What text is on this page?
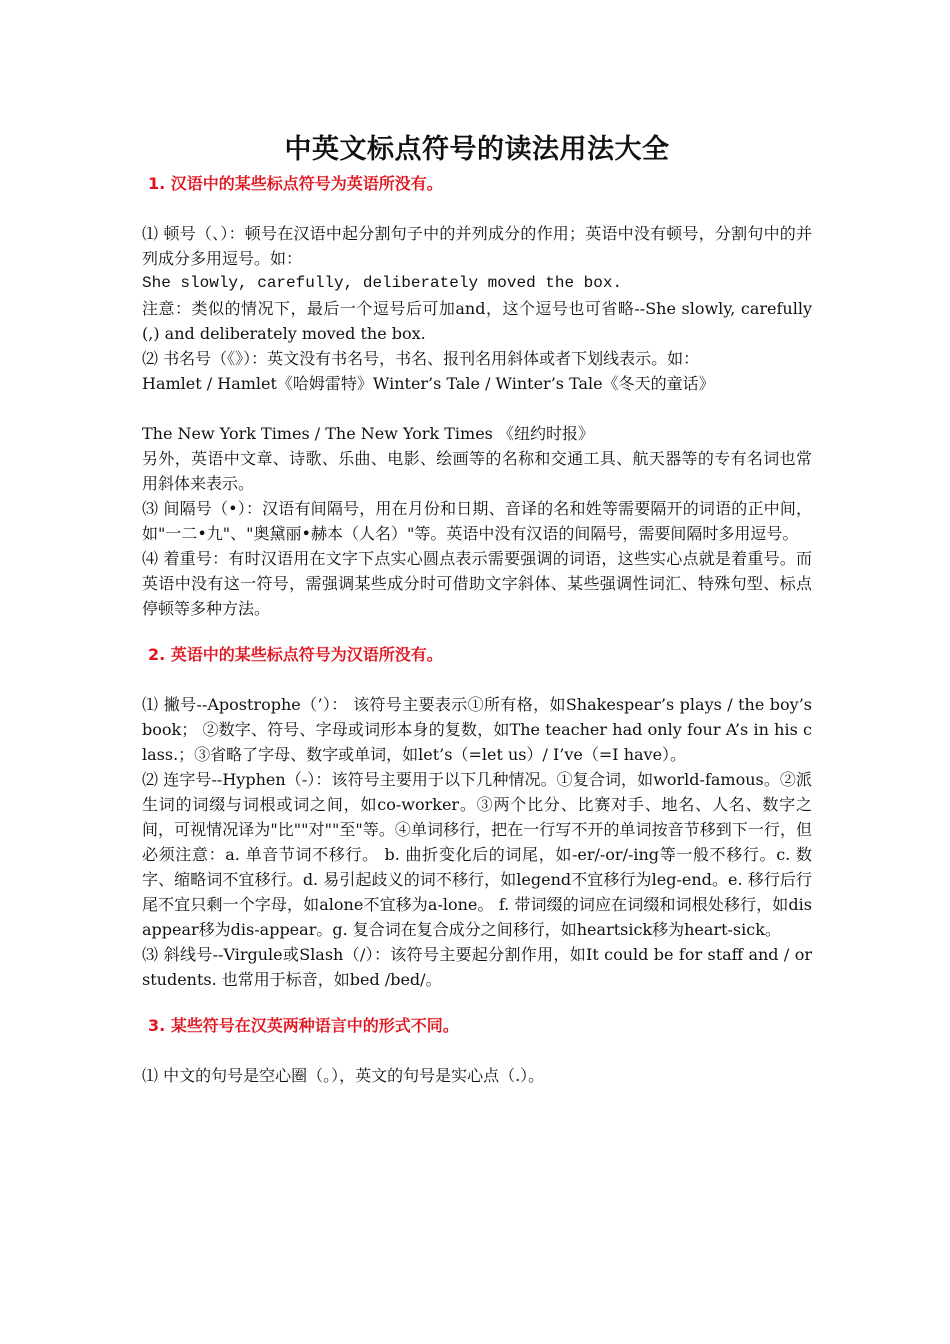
中英文标点符号的读法用法大全

1. 汉语中的某些标点符号为英语所没有。

⑴ 顿号（、）：顿号在汉语中起分割句子中的并列成分的作用；英语中没有顿号，分割句中的并列成分多用逗号。如：

She slowly, carefully, deliberately moved the box.

注意：类似的情况下，最后一个逗号后可加and，这个逗号也可省略--She slowly, carefully(,) and deliberately moved the box.

⑵ 书名号（《》）：英文没有书名号，书名、报刊名用斜体或者下划线表示。如：

Hamlet / Hamlet《哈姆雷特》Winter’s Tale / Winter’s Tale《冬天的童话》

The New York Times / The New York Times 《纽约时报》

另外，英语中文章、诗歌、乐曲、电影、绘画等的名称和交通工具、航天器等的专有名词也常用斜体来表示。

⑶ 间隔号（•）：汉语有间隔号，用在月份和日期、音译的名和姓等需要隔开的词语的正中间，如"一二•九"、"奥黛丽•赫本（人名）"等。英语中没有汉语的间隔号，需要间隔时多用逗号。

⑷ 着重号：有时汉语用在文字下点实心圆点表示需要强调的词语，这些实心点就是着重号。而英语中没有这一符号，需强调某些成分时可借助文字斜体、某些强调性词汇、特殊句型、标点停顿等多种方法。

2. 英语中的某些标点符号为汉语所没有。

⑴ 撇号--Apostrophe（’）： 该符号主要表示①所有格，如Shakespear’s plays / the boy’s book； ②数字、符号、字母或词形本身的复数，如The teacher had only four A’s in his class.；③省略了字母、数字或单词，如let’s（=let us）/ I’ve（=I have）。

⑵ 连字号--Hyphen（-）：该符号主要用于以下几种情况。①复合词，如world-famous。②派生词的词缀与词根或词之间，如co-worker。③两个比分、比赛对手、地名、人名、数字之间，可视情况译为"比""对""至"等。④单词移行，把在一行写不开的单词按音节移到下一行，但必须注意：a. 单音节词不移行。 b. 曲折变化后的词尾，如-er/-or/-ing等一般不移行。c. 数字、缩略词不宜移行。d. 易引起歧义的词不移行，如legend不宜移行为leg-end。e. 移行后行尾不宜只剩一个字母，如alone不宜移为a-lone。 f. 带词缀的词应在词缀和词根处移行，如disappear移为dis-appear。g. 复合词在复合成分之间移行，如heartsick移为heart-sick。

⑶ 斜线号--Virgule或Slash（/）：该符号主要起分割作用，如It could be for staff and / or students. 也常用于标音，如bed /bed/。

3. 某些符号在汉英两种语言中的形式不同。

⑴ 中文的句号是空心圈（。），英文的句号是实心点（.）。
